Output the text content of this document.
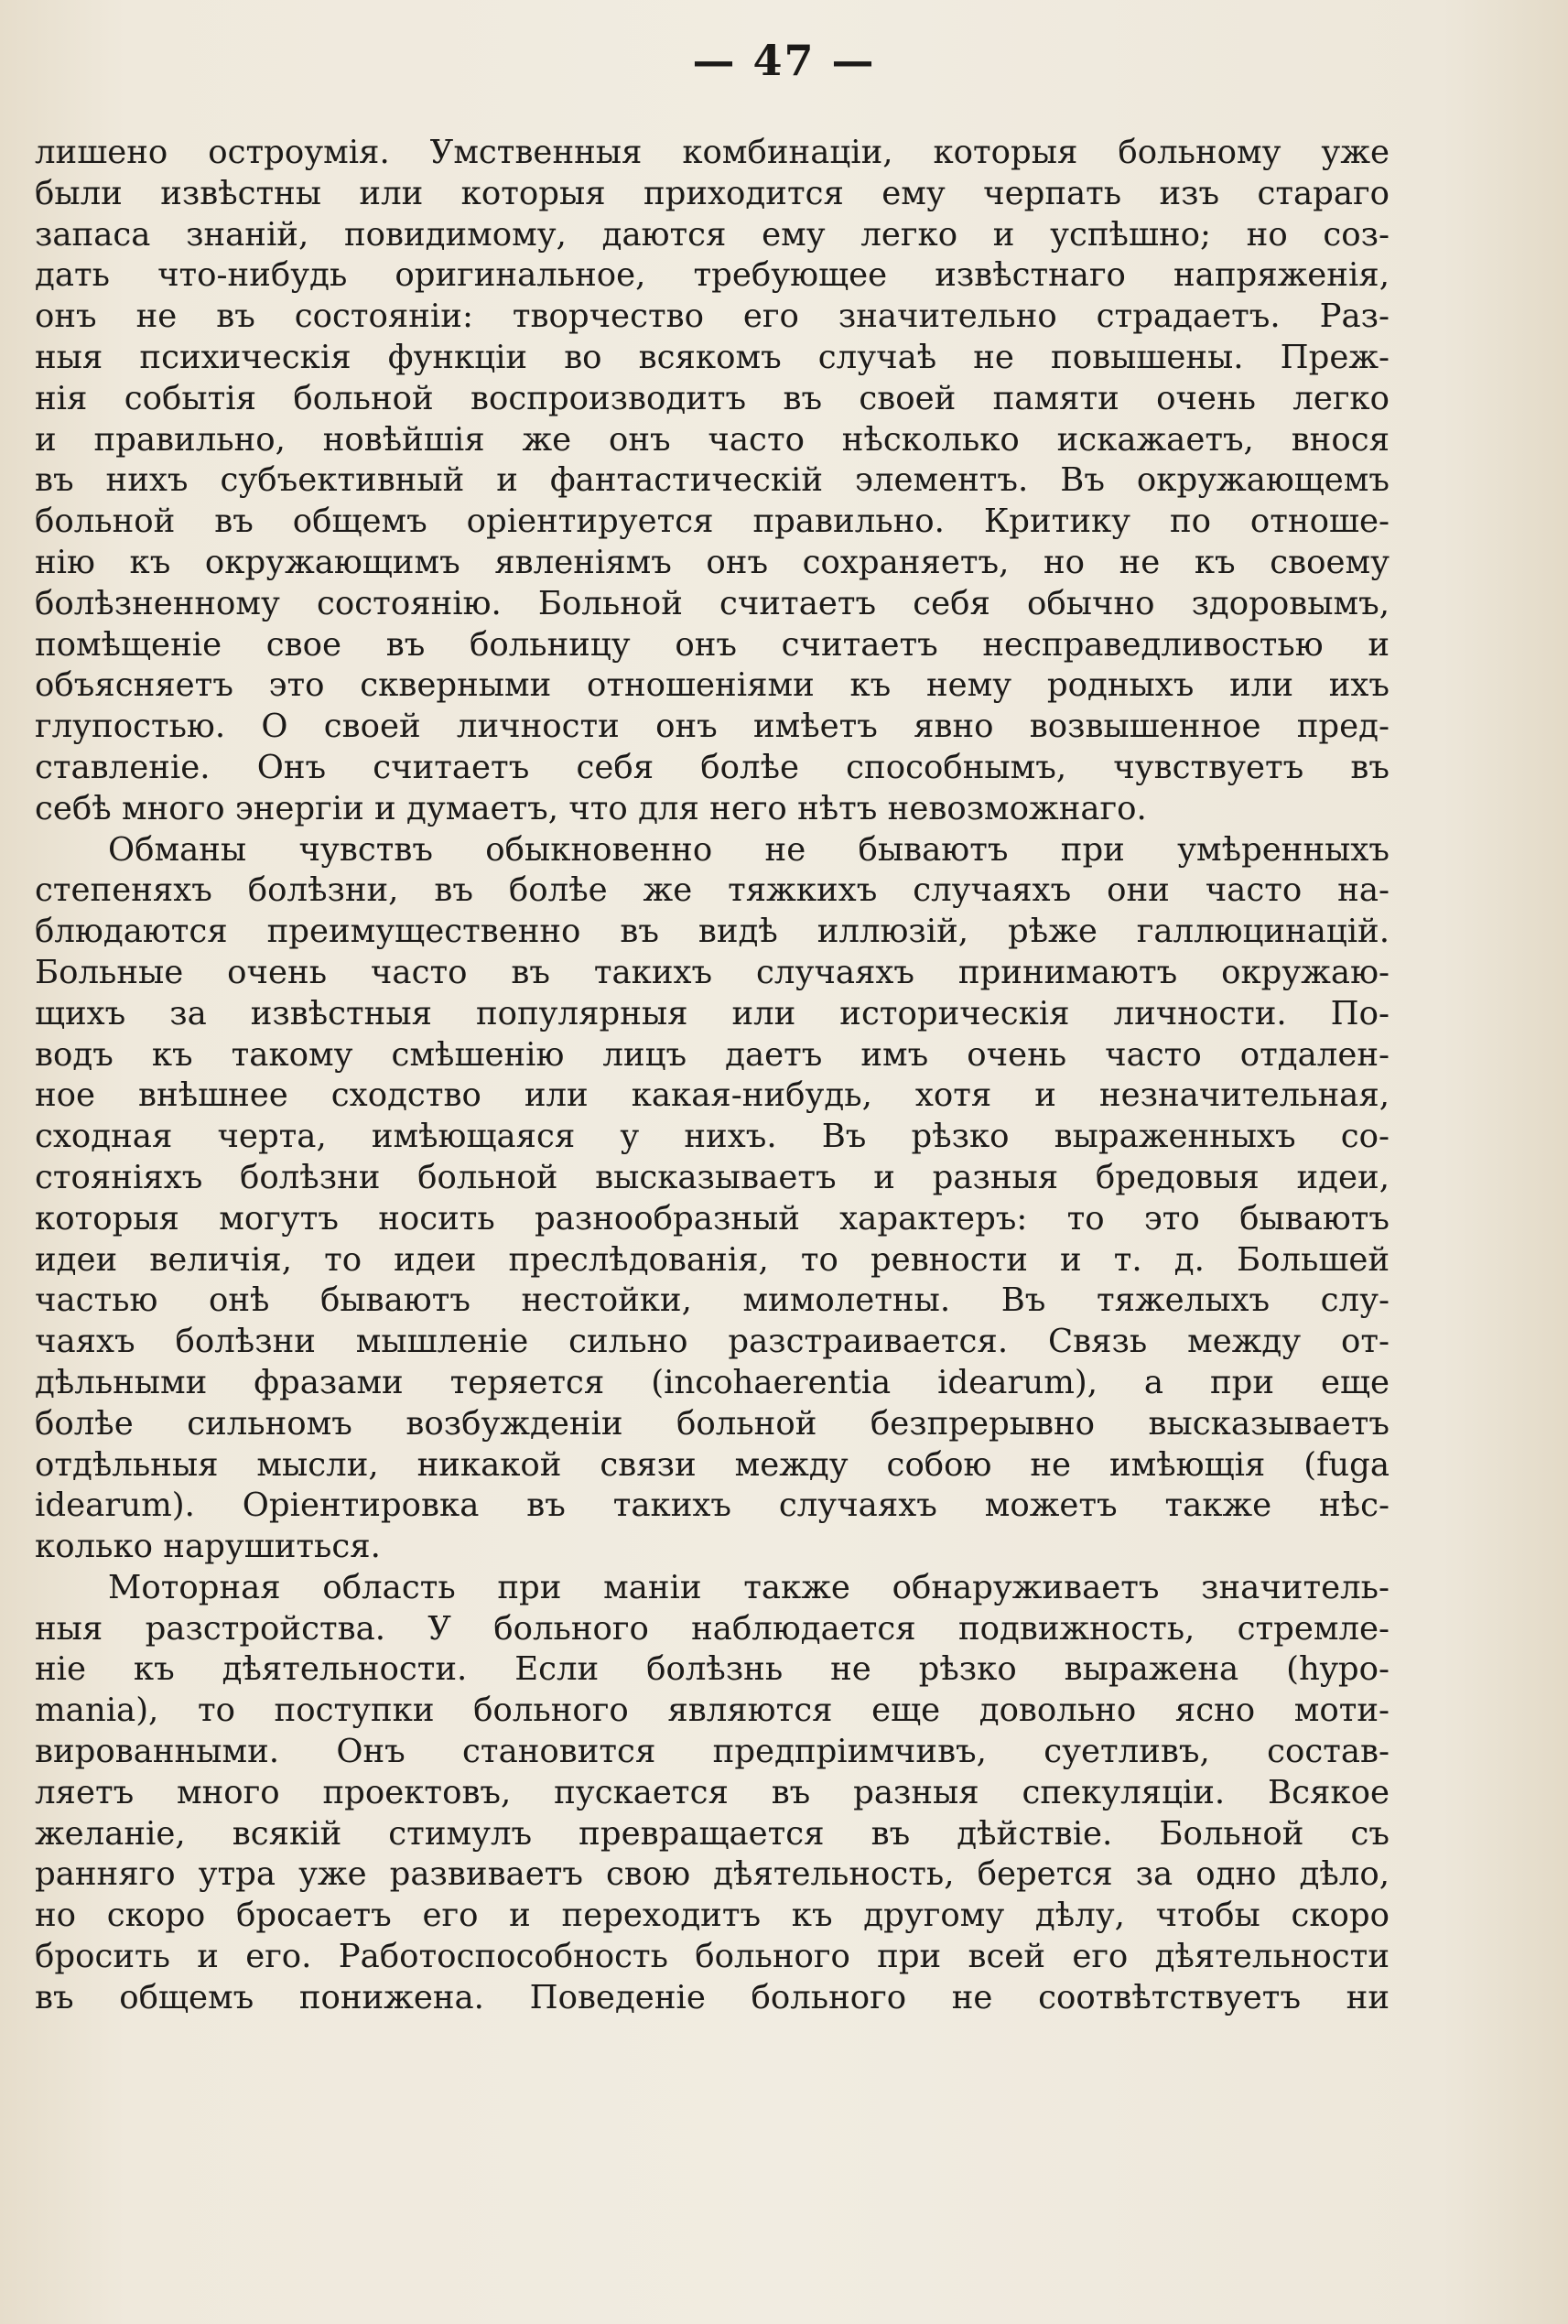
— 47 —
лишено остроумія. Умственныя комбинаціи, которыя больному уже
были извѣстны или которыя приходится ему черпать изъ стараго
запаса знаній, повидимому, даются ему легко и успѣшно; но соз-
дать что-нибудь оригинальное, требующее извѣстнаго напряженія,
онъ не въ состояніи: творчество его значительно страдаетъ. Раз-
ныя психическія функціи во всякомъ случаѣ не повышены. Преж-
нія событія больной воспроизводитъ въ своей памяти очень легко
и правильно, новѣйшія же онъ часто нѣсколько искажаетъ, внося
въ нихъ субъективный и фантастическій элементъ. Въ окружающемъ
больной въ общемъ оріентируется правильно. Критику по отноше-
нію къ окружающимъ явленіямъ онъ сохраняетъ, но не къ своему
болѣзненному состоянію. Больной считаетъ себя обычно здоровымъ,
помѣщеніе свое въ больницу онъ считаетъ несправедливостью и
объясняетъ это скверными отношеніями къ нему родныхъ или ихъ
глупостью. О своей личности онъ имѣетъ явно возвышенное пред-
ставленіе. Онъ считаетъ себя болѣе способнымъ, чувствуетъ въ
себѣ много энергіи и думаетъ, что для него нѣтъ невозможнаго.
Обманы чувствъ обыкновенно не бываютъ при умѣренныхъ
степеняхъ болѣзни, въ болѣе же тяжкихъ случаяхъ они часто на-
блюдаются преимущественно въ видѣ иллюзій, рѣже галлюцинацій.
Больные очень часто въ такихъ случаяхъ принимаютъ окружаю-
щихъ за извѣстныя популярныя или историческія личности. По-
водъ къ такому смѣшенію лицъ даетъ имъ очень часто отдален-
ное внѣшнее сходство или какая-нибудь, хотя и незначительная,
сходная черта, имѣющаяся у нихъ. Въ рѣзко выраженныхъ со-
стояніяхъ болѣзни больной высказываетъ и разныя бредовыя идеи,
которыя могутъ носить разнообразный характеръ: то это бываютъ
идеи величія, то идеи преслѣдованія, то ревности и т. д. Большей
частью онѣ бываютъ нестойки, мимолетны. Въ тяжелыхъ слу-
чаяхъ болѣзни мышленіе сильно разстраивается. Связь между от-
дѣльными фразами теряется (incohaerentia idearum), а при еще
болѣе сильномъ возбужденіи больной безпрерывно высказываетъ
отдѣльныя мысли, никакой связи между собою не имѣющія (fuga
idearum). Оріентировка въ такихъ случаяхъ можетъ также нѣс-
колько нарушиться.
Моторная область при маніи также обнаруживаетъ значитель-
ныя разстройства. У больного наблюдается подвижность, стремле-
ніе къ дѣятельности. Если болѣзнь не рѣзко выражена (hypo-
mania), то поступки больного являются еще довольно ясно моти-
вированными. Онъ становится предпріимчивъ, суетливъ, состав-
ляетъ много проектовъ, пускается въ разныя спекуляціи. Всякое
желаніе, всякій стимулъ превращается въ дѣйствіе. Больной съ
ранняго утра уже развиваетъ свою дѣятельность, берется за одно дѣло,
но скоро бросаетъ его и переходитъ къ другому дѣлу, чтобы скоро
бросить и его. Работоспособность больного при всей его дѣятельности
въ общемъ понижена. Поведеніе больного не соотвѣтствуетъ ни
